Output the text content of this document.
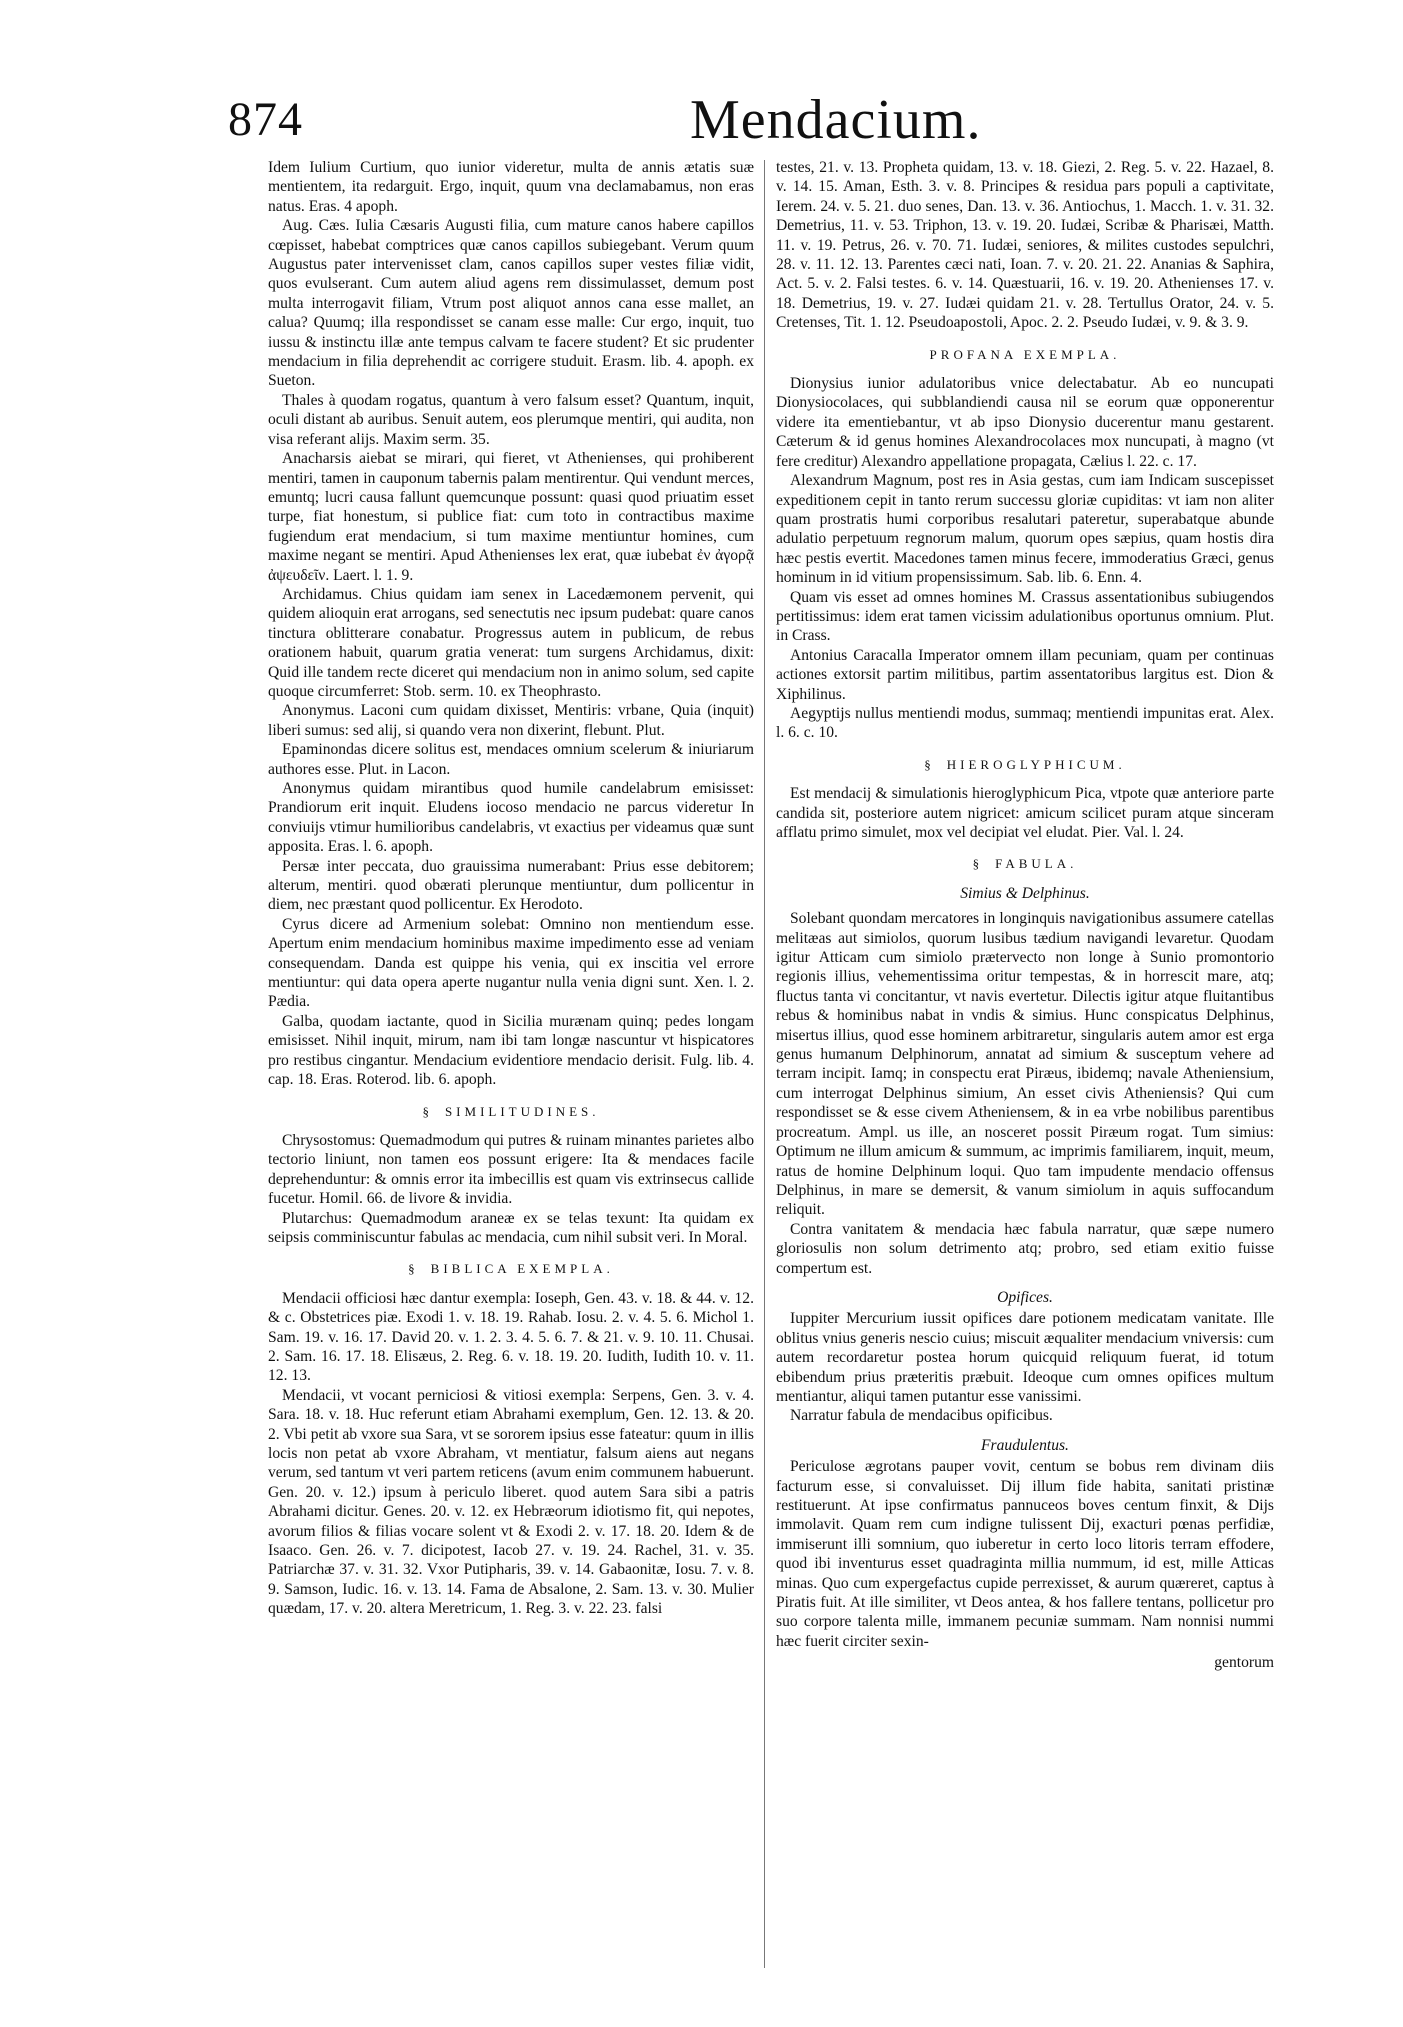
874	Mendacium.

Idem Iulium Curtium, quo iunior videretur, multa de annis ætatis suæ mentientem, ita redarguit. Ergo, inquit, quum vna declamabamus, non eras natus. Eras. 4 apoph.

Aug. Cæs. Iulia Cæsaris Augusti filia, cum mature canos habere capillos cœpisset, habebat comptrices quæ canos capillos subiegebant. Verum quum Augustus pater intervenisset clam, canos capillos super vestes filiæ vidit, quos evulserant. Cum autem aliud agens rem dissimulasset, demum post multa interrogavit filiam, Vtrum post aliquot annos cana esse mallet, an calua? Quumq; illa respondisset se canam esse malle: Cur ergo, inquit, tuo iussu & instinctu illæ ante tempus calvam te facere student? Et sic prudenter mendacium in filia deprehendit ac corrigere studuit. Erasm. lib. 4. apoph. ex Sueton.

Thales à quodam rogatus, quantum à vero falsum esset? Quantum, inquit, oculi distant ab auribus. Senuit autem, eos plerumque mentiri, qui audita, non visa referant alijs. Maxim serm. 35.

Anacharsis aiebat se mirari, qui fieret, vt Athenienses, qui prohiberent mentiri, tamen in cauponum tabernis palam mentirentur. Qui vendunt merces, emuntq; lucri causa fallunt quemcunque possunt: quasi quod priuatim esset turpe, fiat honestum, si publice fiat: cum toto in contractibus maxime fugiendum erat mendacium, si tum maxime mentiuntur homines, cum maxime negant se mentiri. Apud Athenienses lex erat, quæ iubebat ἐν ἀγορᾷ ἀψευδεῖν. Laert. l. 1. 9.

Archidamus. Chius quidam iam senex in Lacedæmonem pervenit, qui quidem alioquin erat arrogans, sed senectutis nec ipsum pudebat: quare canos tinctura oblitterare conabatur. Progressus autem in publicum, de rebus orationem habuit, quarum gratia venerat: tum surgens Archidamus, dixit: Quid ille tandem recte diceret qui mendacium non in animo solum, sed capite quoque circumferret: Stob. serm. 10. ex Theophrasto.

Anonymus. Laconi cum quidam dixisset, Mentiris: vrbane, Quia (inquit) liberi sumus: sed alij, si quando vera non dixerint, flebunt. Plut.

Epaminondas dicere solitus est, mendaces omnium scelerum & iniuriarum authores esse. Plut. in Lacon.

Anonymus quidam mirantibus quod humile candelabrum emisisset: Prandiorum erit inquit. Eludens iocoso mendacio ne parcus videretur In conviuijs vtimur humilioribus candelabris, vt exactius per videamus quæ sunt apposita. Eras. l. 6. apoph.

Persæ inter peccata, duo grauissima numerabant: Prius esse debitorem; alterum, mentiri. quod obærati plerunque mentiuntur, dum pollicentur in diem, nec præstant quod pollicentur. Ex Herodoto.

Cyrus dicere ad Armenium solebat: Omnino non mentiendum esse. Apertum enim mendacium hominibus maxime impedimento esse ad veniam consequendam. Danda est quippe his venia, qui ex inscitia vel errore mentiuntur: qui data opera aperte nugantur nulla venia digni sunt. Xen. l. 2. Pædia.

Galba, quodam iactante, quod in Sicilia murænam quinq; pedes longam emisisset. Nihil inquit, mirum, nam ibi tam longæ nascuntur vt hispicatores pro restibus cingantur. Mendacium evidentiore mendacio derisit. Fulg. lib. 4. cap. 18. Eras. Roterod. lib. 6. apoph.

§ SIMILITUDINES.

Chrysostomus: Quemadmodum qui putres & ruinam minantes parietes albo tectorio liniunt, non tamen eos possunt erigere: Ita & mendaces facile deprehenduntur: & omnis error ita imbecillis est quam vis extrinsecus callide fucetur. Homil. 66. de livore & invidia.

Plutarchus: Quemadmodum araneæ ex se telas texunt: Ita quidam ex seipsis comminiscuntur fabulas ac mendacia, cum nihil subsit veri. In Moral.

§ BIBLICA EXEMPLA.

Mendacii officiosi hæc dantur exempla: Ioseph, Gen. 43. v. 18. & 44. v. 12. & c. Obstetrices piæ. Exodi 1. v. 18. 19. Rahab. Iosu. 2. v. 4. 5. 6. Michol 1. Sam. 19. v. 16. 17. David 20. v. 1. 2. 3. 4. 5. 6. 7. & 21. v. 9. 10. 11. Chusai. 2. Sam. 16. 17. 18. Elisæus, 2. Reg. 6. v. 18. 19. 20. Iudith, Iudith 10. v. 11. 12. 13.

Mendacii, vt vocant perniciosi & vitiosi exempla: Serpens, Gen. 3. v. 4. Sara. 18. v. 18. Huc referunt etiam Abrahami exemplum, Gen. 12. 13. & 20. 2. Vbi petit ab vxore sua Sara, vt se sororem ipsius esse fateatur: quum in illis locis non petat ab vxore Abraham, vt mentiatur, falsum aiens aut negans verum, sed tantum vt veri partem reticens (avum enim communem habuerunt. Gen. 20. v. 12.) ipsum à periculo liberet. quod autem Sara sibi a patris Abrahami dicitur. Genes. 20. v. 12. ex Hebræorum idiotismo fit, qui nepotes, avorum filios & filias vocare solent vt & Exodi 2. v. 17. 18. 20. Idem & de Isaaco. Gen. 26. v. 7. dicipotest, Iacob 27. v. 19. 24. Rachel, 31. v. 35. Patriarchæ 37. v. 31. 32. Vxor Putipharis, 39. v. 14. Gabaonitæ, Iosu. 7. v. 8. 9. Samson, Iudic. 16. v. 13. 14. Fama de Absalone, 2. Sam. 13. v. 30. Mulier quædam, 17. v. 20. altera Meretricum, 1. Reg. 3. v. 22. 23. falsi

testes, 21. v. 13. Propheta quidam, 13. v. 18. Giezi, 2. Reg. 5. v. 22. Hazael, 8. v. 14. 15. Aman, Esth. 3. v. 8. Principes & residua pars populi a captivitate, Ierem. 24. v. 5. 21. duo senes, Dan. 13. v. 36. Antiochus, 1. Macch. 1. v. 31. 32. Demetrius, 11. v. 53. Triphon, 13. v. 19. 20. Iudæi, Scribæ & Pharisæi, Matth. 11. v. 19. Petrus, 26. v. 70. 71. Iudæi, seniores, & milites custodes sepulchri, 28. v. 11. 12. 13. Parentes cæci nati, Ioan. 7. v. 20. 21. 22. Ananias & Saphira, Act. 5. v. 2. Falsi testes. 6. v. 14. Quæstuarii, 16. v. 19. 20. Athenienses 17. v. 18. Demetrius, 19. v. 27. Iudæi quidam 21. v. 28. Tertullus Orator, 24. v. 5. Cretenses, Tit. 1. 12. Pseudoapostoli, Apoc. 2. 2. Pseudo Iudæi, v. 9. & 3. 9.

PROFANA EXEMPLA.

Dionysius iunior adulatoribus vnice delectabatur. Ab eo nuncupati Dionysiocolaces, qui subblandiendi causa nil se eorum quæ opponerentur videre ita ementiebantur, vt ab ipso Dionysio ducerentur manu gestarent. Cæterum & id genus homines Alexandrocolaces mox nuncupati, à magno (vt fere creditur) Alexandro appellatione propagata, Cælius l. 22. c. 17.

Alexandrum Magnum, post res in Asia gestas, cum iam Indicam suscepisset expeditionem cepit in tanto rerum successu gloriæ cupiditas: vt iam non aliter quam prostratis humi corporibus resalutari pateretur, superabatque abunde adulatio perpetuum regnorum malum, quorum opes sæpius, quam hostis dira hæc pestis evertit. Macedones tamen minus fecere, immoderatius Græci, genus hominum in id vitium propensissimum. Sab. lib. 6. Enn. 4.

Quam vis esset ad omnes homines M. Crassus assentationibus subiugendos pertitissimus: idem erat tamen vicissim adulationibus oportunus omnium. Plut. in Crass.

Antonius Caracalla Imperator omnem illam pecuniam, quam per continuas actiones extorsit partim militibus, partim assentatoribus largitus est. Dion & Xiphilinus.

Aegyptijs nullus mentiendi modus, summaq; mentiendi impunitas erat. Alex. l. 6. c. 10.

§ HIEROGLYPHICUM.

Est mendacij & simulationis hieroglyphicum Pica, vtpote quæ anteriore parte candida sit, posteriore autem nigricet: amicum scilicet puram atque sinceram afflatu primo simulet, mox vel decipiat vel eludat. Pier. Val. l. 24.

§ FABULA.
Simius & Delphinus.

Solebant quondam mercatores in longinquis navigationibus assumere catellas melitæas aut simiolos, quorum lusibus tædium navigandi levaretur. Quodam igitur Atticam cum simiolo prætervecto non longe à Sunio promontorio regionis illius, vehementissima oritur tempestas, & in horrescit mare, atq; fluctus tanta vi concitantur, vt navis evertetur. Dilectis igitur atque fluitantibus rebus & hominibus nabat in vndis & simius. Hunc conspicatus Delphinus, misertus illius, quod esse hominem arbitraretur, singularis autem amor est erga genus humanum Delphinorum, annatat ad simium & susceptum vehere ad terram incipit. Iamq; in conspectu erat Piræus, ibidemq; navale Atheniensium, cum interrogat Delphinus simium, An esset civis Atheniensis? Qui cum respondisset se & esse civem Atheniensem, & in ea vrbe nobilibus parentibus procreatum. Ampl. us ille, an nosceret possit Piræum rogat. Tum simius: Optimum ne illum amicum & summum, ac imprimis familiarem, inquit, meum, ratus de homine Delphinum loqui. Quo tam impudente mendacio offensus Delphinus, in mare se demersit, & vanum simiolum in aquis suffocandum reliquit.

Contra vanitatem & mendacia hæc fabula narratur, quæ sæpe numero gloriosulis non solum detrimento atq; probro, sed etiam exitio fuisse compertum est.

Opifices.

Iuppiter Mercurium iussit opifices dare potionem medicatam vanitate. Ille oblitus vnius generis nescio cuius; miscuit æqualiter mendacium vniversis: cum autem recordaretur postea horum quicquid reliquum fuerat, id totum ebibendum prius præteritis præbuit. Ideoque cum omnes opifices multum mentiantur, aliqui tamen putantur esse vanissimi.

Narratur fabula de mendacibus opificibus.

Fraudulentus.

Periculose ægrotans pauper vovit, centum se bobus rem divinam diis facturum esse, si convaluisset. Dij illum fide habita, sanitati pristinæ restituerunt. At ipse confirmatus pannuceos boves centum finxit, & Dijs immolavit. Quam rem cum indigne tulissent Dij, exacturi pœnas perfidiæ, immiserunt illi somnium, quo iuberetur in certo loco litoris terram effodere, quod ibi inventurus esset quadraginta millia nummum, id est, mille Atticas minas. Quo cum expergefactus cupide perrexisset, & aurum quæreret, captus à Piratis fuit. At ille similiter, vt Deos antea, & hos fallere tentans, pollicetur pro suo corpore talenta mille, immanem pecuniæ summam. Nam nonnisi nummi hæc fuerit circiter sexin-

gentorum
